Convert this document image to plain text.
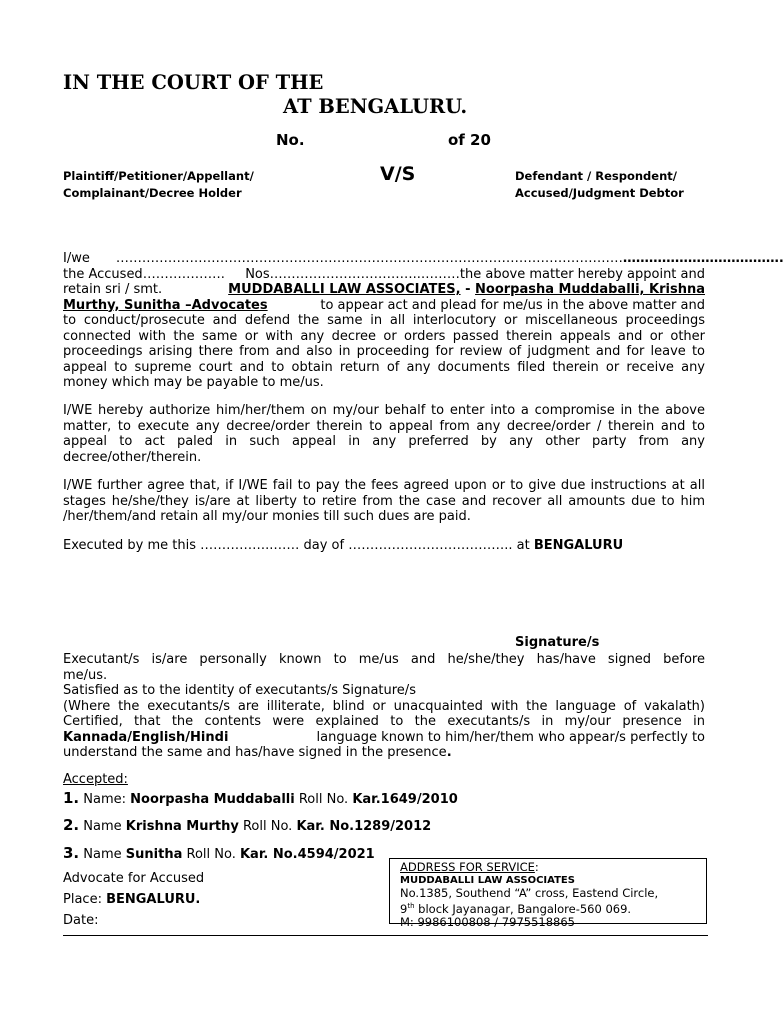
IN THE COURT OF THE
AT BENGALURU.
No.	of 20
Plaintiff/Petitioner/Appellant/
Complainant/Decree Holder
V/S	Defendant / Respondent/
Accused/Judgment Debtor
I/we ……………………………………………………………………………………………………… ……………………………….
the Accused………………. Nos……………………………..………the above matter hereby appoint and
retain sri / smt.	MUDDABALLI LAW ASSOCIATES, - Noorpasha Muddaballi, Krishna
Murthy, Sunitha –Advocates	to appear act and plead for me/us in the above matter and
to conduct/prosecute and defend the same in all interlocutory or miscellaneous proceedings connected with the same or with any decree or orders passed therein appeals and or other proceedings arising there from and also in proceeding for review of judgment and for leave to appeal to supreme court and to obtain return of any documents filed therein or receive any money which may be payable to me/us.
I/WE hereby authorize him/her/them on my/our behalf to enter into a compromise in the above matter, to execute any decree/order therein to appeal from any decree/order / therein and to appeal to act paled in such appeal in any preferred by any other party from any decree/other/therein.
I/WE further agree that, if I/WE fail to pay the fees agreed upon or to give due instructions at all stages he/she/they is/are at liberty to retire from the case and recover all amounts due to him /her/them/and retain all my/our monies till such dues are paid.
Executed by me this ……………..…… day of ……………………………….. at BENGALURU
Signature/s
Executant/s is/are personally known to me/us and he/she/they has/have signed before
me/us.
Satisfied as to the identity of executants/s Signature/s
(Where the executants/s are illiterate, blind or unacquainted with the language of vakalath)
Certified, that the contents were explained to the executants/s in my/our presence in
Kannada/English/Hindi	language known to him/her/them who appear/s perfectly to
understand the same and has/have signed in the presence.
Accepted:
1. Name: Noorpasha Muddaballi Roll No. Kar.1649/2010
2. Name Krishna Murthy Roll No. Kar. No.1289/2012
3. Name Sunitha Roll No. Kar. No.4594/2021
Advocate for Accused
Place: BENGALURU.
Date:
ADDRESS FOR SERVICE:
MUDDABALLI LAW ASSOCIATES
No.1385, Southend “A” cross, Eastend Circle,
9th block Jayanagar, Bangalore-560 069.
M: 9986100808 / 7975518865
